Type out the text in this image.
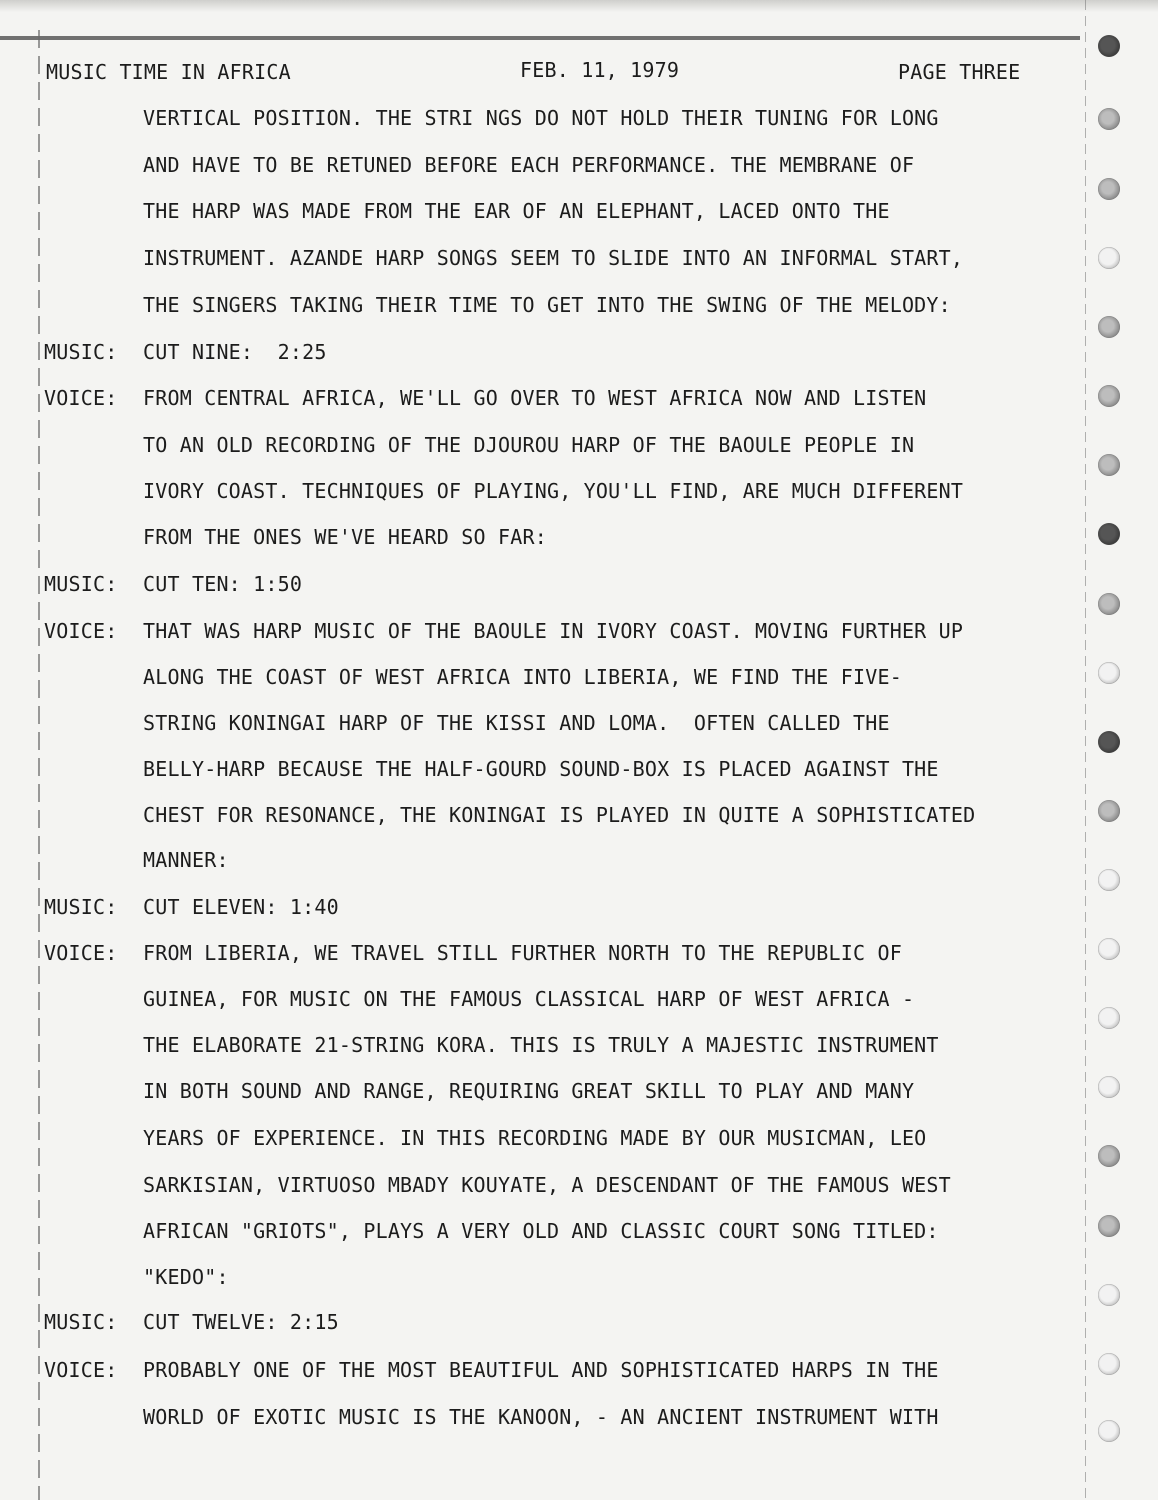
MUSIC TIME IN AFRICA	FEB. 11, 1979	PAGE THREE

VERTICAL POSITION. THE STRI NGS DO NOT HOLD THEIR TUNING FOR LONG

AND HAVE TO BE RETUNED BEFORE EACH PERFORMANCE. THE MEMBRANE OF

THE HARP WAS MADE FROM THE EAR OF AN ELEPHANT, LACED ONTO THE

INSTRUMENT. AZANDE HARP SONGS SEEM TO SLIDE INTO AN INFORMAL START,

THE SINGERS TAKING THEIR TIME TO GET INTO THE SWING OF THE MELODY:

MUSIC: CUT NINE:  2:25

VOICE: FROM CENTRAL AFRICA, WE'LL GO OVER TO WEST AFRICA NOW AND LISTEN

TO AN OLD RECORDING OF THE DJOUROU HARP OF THE BAOULE PEOPLE IN

IVORY COAST. TECHNIQUES OF PLAYING, YOU'LL FIND, ARE MUCH DIFFERENT

FROM THE ONES WE'VE HEARD SO FAR:

MUSIC: CUT TEN: 1:50

VOICE: THAT WAS HARP MUSIC OF THE BAOULE IN IVORY COAST. MOVING FURTHER UP

ALONG THE COAST OF WEST AFRICA INTO LIBERIA, WE FIND THE FIVE-

STRING KONINGAI HARP OF THE KISSI AND LOMA.  OFTEN CALLED THE

BELLY-HARP BECAUSE THE HALF-GOURD SOUND-BOX IS PLACED AGAINST THE

CHEST FOR RESONANCE, THE KONINGAI IS PLAYED IN QUITE A SOPHISTICATED

MANNER:

MUSIC: CUT ELEVEN: 1:40

VOICE: FROM LIBERIA, WE TRAVEL STILL FURTHER NORTH TO THE REPUBLIC OF

GUINEA, FOR MUSIC ON THE FAMOUS CLASSICAL HARP OF WEST AFRICA -

THE ELABORATE 21-STRING KORA. THIS IS TRULY A MAJESTIC INSTRUMENT

IN BOTH SOUND AND RANGE, REQUIRING GREAT SKILL TO PLAY AND MANY

YEARS OF EXPERIENCE. IN THIS RECORDING MADE BY OUR MUSICMAN, LEO

SARKISIAN, VIRTUOSO MBADY KOUYATE, A DESCENDANT OF THE FAMOUS WEST

AFRICAN "GRIOTS", PLAYS A VERY OLD AND CLASSIC COURT SONG TITLED:

"KEDO":

MUSIC: CUT TWELVE: 2:15

VOICE: PROBABLY ONE OF THE MOST BEAUTIFUL AND SOPHISTICATED HARPS IN THE

WORLD OF EXOTIC MUSIC IS THE KANOON, - AN ANCIENT INSTRUMENT WITH
